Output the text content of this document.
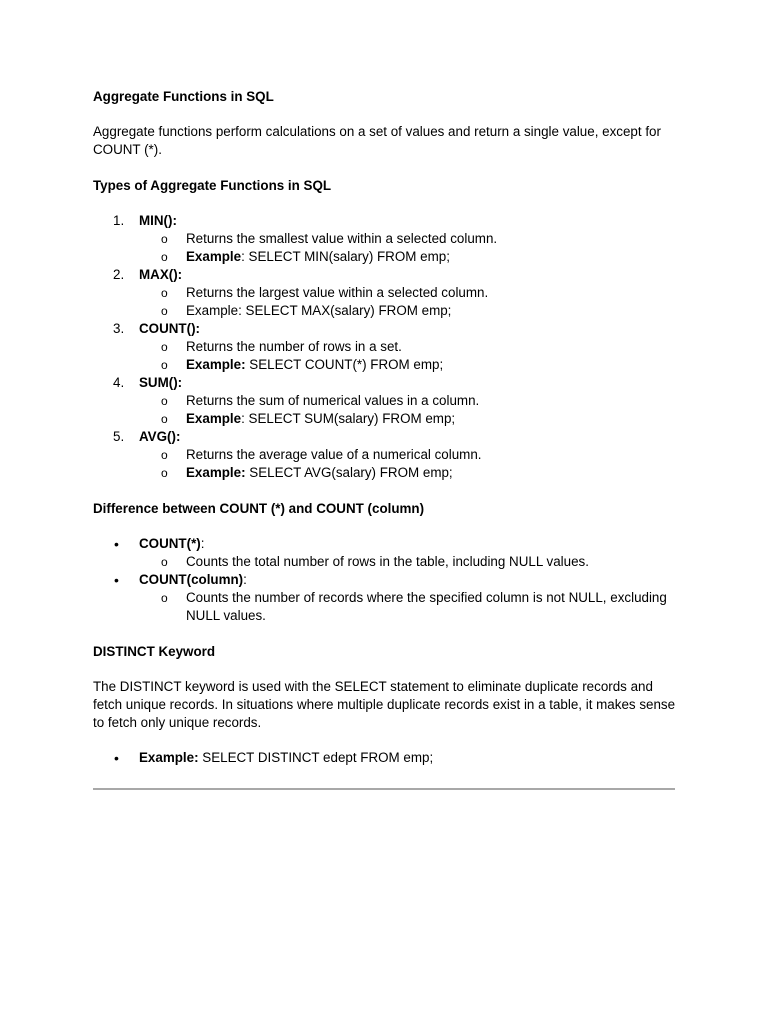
Aggregate Functions in SQL

Aggregate functions perform calculations on a set of values and return a single value, except for COUNT (*).

Types of Aggregate Functions in SQL

1. MIN():
o Returns the smallest value within a selected column.
o Example: SELECT MIN(salary) FROM emp;
2. MAX():
o Returns the largest value within a selected column.
o Example: SELECT MAX(salary) FROM emp;
3. COUNT():
o Returns the number of rows in a set.
o Example: SELECT COUNT(*) FROM emp;
4. SUM():
o Returns the sum of numerical values in a column.
o Example: SELECT SUM(salary) FROM emp;
5. AVG():
o Returns the average value of a numerical column.
o Example: SELECT AVG(salary) FROM emp;

Difference between COUNT (*) and COUNT (column)

• COUNT(*):
o Counts the total number of rows in the table, including NULL values.
• COUNT(column):
o Counts the number of records where the specified column is not NULL, excluding NULL values.

DISTINCT Keyword

The DISTINCT keyword is used with the SELECT statement to eliminate duplicate records and fetch unique records. In situations where multiple duplicate records exist in a table, it makes sense to fetch only unique records.

• Example: SELECT DISTINCT edept FROM emp;
